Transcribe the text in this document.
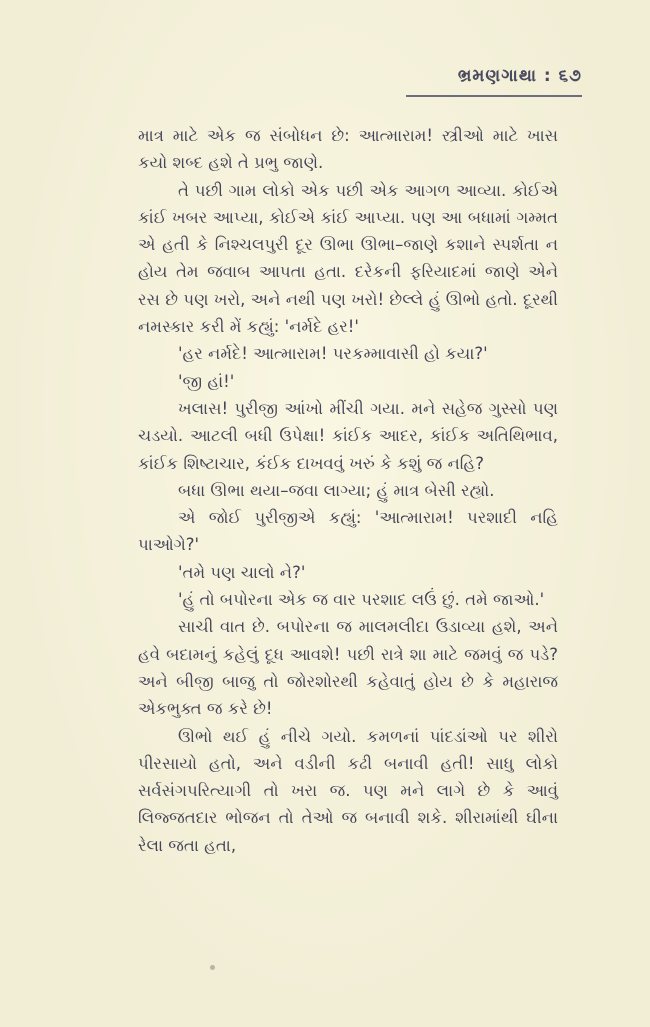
ભ્રમણગાથા : ૬૭

માત્ર માટે એક જ સંબોધન છે: આત્મારામ! સ્ત્રીઓ માટે ખાસ કયો શબ્દ હશે તે પ્રભુ જાણે.

તે પછી ગામ લોકો એક પછી એક આગળ આવ્યા. કોઈએ કાંઈ ખબર આપ્યા, કોઈએ કાંઈ આપ્યા. પણ આ બધામાં ગમ્મત એ હતી કે નિશ્ચલપુરી દૂર ઊભા ઊભા–જાણે કશાને સ્પર્શતા ન હોય તેમ જવાબ આપતા હતા. દરેકની ફરિયાદમાં જાણે એને રસ છે પણ ખરો, અને નથી પણ ખરો! છેલ્લે હું ઊભો હતો. દૂરથી નમસ્કાર કરી મેં કહ્યું: 'નર્મદે હર!'

'હર નર્મદે! આત્મારામ! પરકમ્માવાસી હો કયા?'

'જી હાં!'

ખલાસ! પુરીજી આંખો મીંચી ગયા. મને સહેજ ગુસ્સો પણ ચડયો. આટલી બધી ઉપેક્ષા! કાંઈક આદર, કાંઈક અતિથિભાવ, કાંઈક શિષ્ટાચાર, કંઈક દાખવવું ખરું કે કશું જ નહિ?

બધા ઊભા થયા–જવા લાગ્યા; હું માત્ર બેસી રહ્યો.

એ જોઈ પુરીજીએ કહ્યું: 'આત્મારામ! પરશાદી નહિ પાઓગે?'

'તમે પણ ચાલો ને?'

'હું તો બપોરના એક જ વાર પરશાદ લઉં છું. તમે જાઓ.'

સાચી વાત છે. બપોરના જ માલમલીદા ઉડાવ્યા હશે, અને હવે બદામનું કહેલું દૂધ આવશે! પછી રાત્રે શા માટે જમવું જ પડે? અને બીજી બાજુ તો જોરશોરથી કહેવાતું હોય છે કે મહારાજ એકભુક્ત જ કરે છે!

ઊભો થઈ હું નીચે ગયો. કમળનાં પાંદડાંઓ પર શીરો પીરસાયો હતો, અને વડીની કઢી બનાવી હતી! સાધુ લોકો સર્વસંગપરિત્યાગી તો ખરા જ. પણ મને લાગે છે કે આવું લિજ્જતદાર ભોજન તો તેઓ જ બનાવી શકે. શીરામાંથી ઘીના રેલા જતા હતા,
